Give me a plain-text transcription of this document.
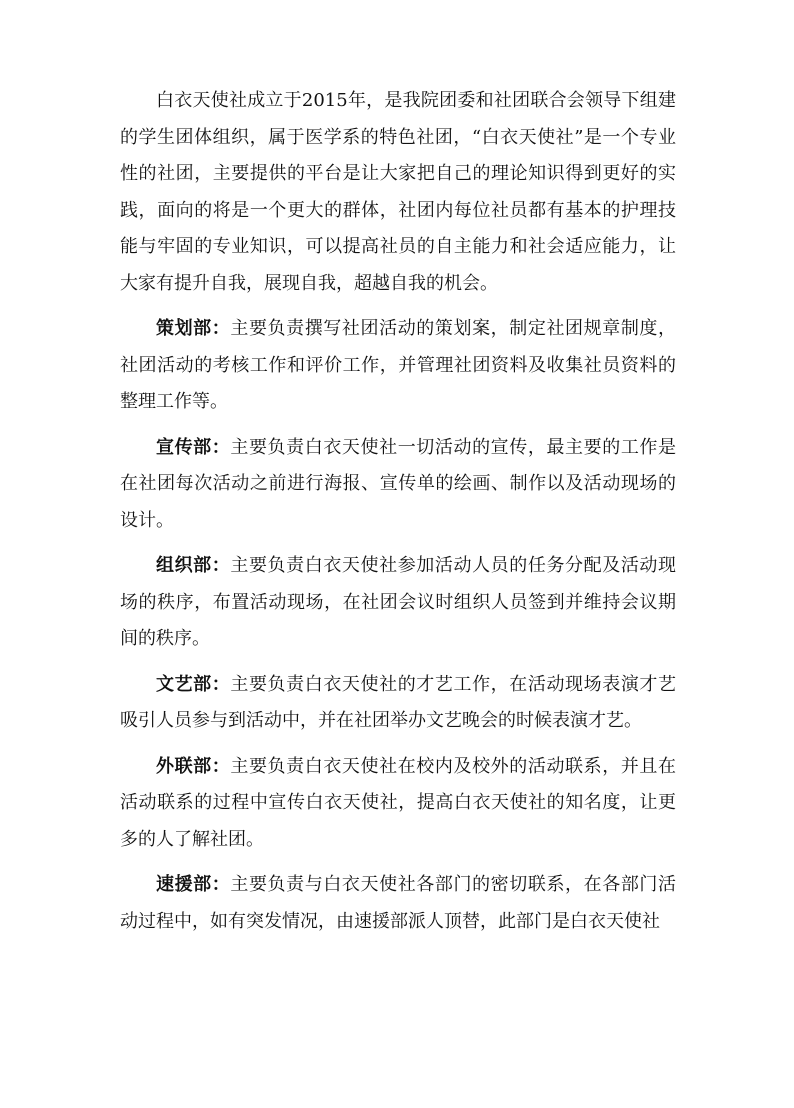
白衣天使社成立于2015年，是我院团委和社团联合会领导下组建的学生团体组织，属于医学系的特色社团，“白衣天使社”是一个专业性的社团，主要提供的平台是让大家把自己的理论知识得到更好的实践，面向的将是一个更大的群体，社团内每位社员都有基本的护理技能与牢固的专业知识，可以提高社员的自主能力和社会适应能力，让大家有提升自我，展现自我，超越自我的机会。

策划部：主要负责撰写社团活动的策划案，制定社团规章制度，社团活动的考核工作和评价工作，并管理社团资料及收集社员资料的整理工作等。

宣传部：主要负责白衣天使社一切活动的宣传，最主要的工作是在社团每次活动之前进行海报、宣传单的绘画、制作以及活动现场的设计。

组织部：主要负责白衣天使社参加活动人员的任务分配及活动现场的秩序，布置活动现场，在社团会议时组织人员签到并维持会议期间的秩序。

文艺部：主要负责白衣天使社的才艺工作，在活动现场表演才艺吸引人员参与到活动中，并在社团举办文艺晚会的时候表演才艺。

外联部：主要负责白衣天使社在校内及校外的活动联系，并且在活动联系的过程中宣传白衣天使社，提高白衣天使社的知名度，让更多的人了解社团。

速援部：主要负责与白衣天使社各部门的密切联系，在各部门活动过程中，如有突发情况，由速援部派人顶替，此部门是白衣天使社
